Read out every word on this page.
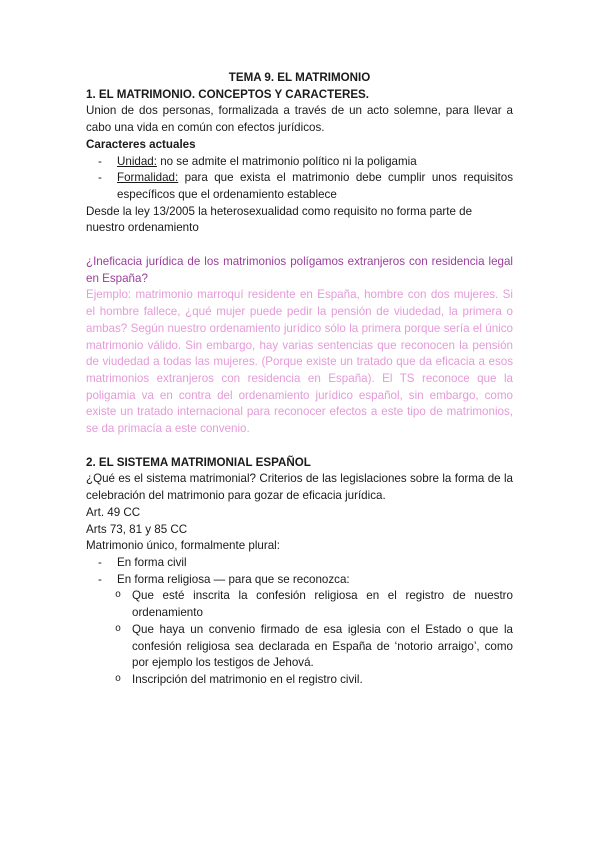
TEMA 9. EL MATRIMONIO

1. EL MATRIMONIO. CONCEPTOS Y CARACTERES.

Union de dos personas, formalizada a través de un acto solemne, para llevar a cabo una vida en común con efectos jurídicos.

Caracteres actuales

- Unidad: no se admite el matrimonio político ni la poligamia
- Formalidad: para que exista el matrimonio debe cumplir unos requisitos específicos que el ordenamiento establece

Desde la ley 13/2005 la heterosexualidad como requisito no forma parte de nuestro ordenamiento

¿Ineficacia jurídica de los matrimonios polígamos extranjeros con residencia legal en España?

Ejemplo: matrimonio marroquí residente en España, hombre con dos mujeres. Si el hombre fallece, ¿qué mujer puede pedir la pensión de viudedad, la primera o ambas? Según nuestro ordenamiento jurídico sólo la primera porque sería el único matrimonio válido. Sin embargo, hay varias sentencias que reconocen la pensión de viudedad a todas las mujeres. (Porque existe un tratado que da eficacia a esos matrimonios extranjeros con residencia en España). El TS reconoce que la poligamia va en contra del ordenamiento jurídico español, sin embargo, como existe un tratado internacional para reconocer efectos a este tipo de matrimonios, se da primacía a este convenio.

2. EL SISTEMA MATRIMONIAL ESPAÑOL

¿Qué es el sistema matrimonial? Criterios de las legislaciones sobre la forma de la celebración del matrimonio para gozar de eficacia jurídica.

Art. 49 CC

Arts 73, 81 y 85 CC

Matrimonio único, formalmente plural:

- En forma civil
- En forma religiosa — para que se reconozca:
o Que esté inscrita la confesión religiosa en el registro de nuestro ordenamiento
o Que haya un convenio firmado de esa iglesia con el Estado o que la confesión religiosa sea declarada en España de ‘notorio arraigo’, como por ejemplo los testigos de Jehová.
o Inscripción del matrimonio en el registro civil.
